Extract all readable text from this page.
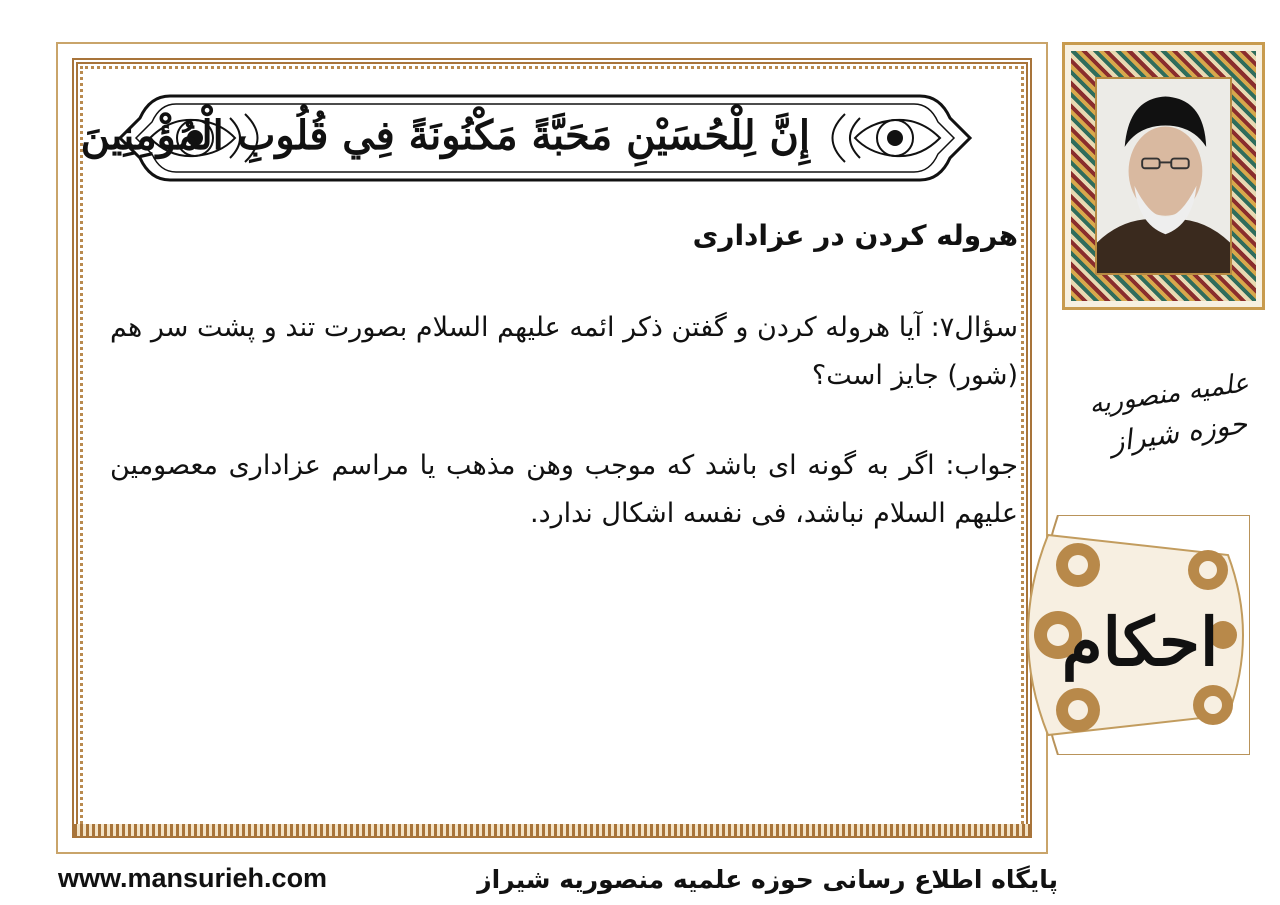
إِنَّ لِلْحُسَيْنِ مَحَبَّةً مَكْنُونَةً فِي قُلُوبِ الْمُؤْمِنِينَ
هروله کردن در عزاداری

سؤال۷: آیا هروله کردن و گفتن ذکر ائمه علیهم السلام بصورت تند و پشت سر هم (شور) جایز است؟

جواب: اگر به گونه ای باشد که موجب وهن مذهب یا مراسم عزاداری معصومین علیهم السلام نباشد، فی نفسه اشکال ندارد.

علمیه منصوریه
حوزه شیراز
احکام
www.mansurieh.com	پایگاه اطلاع رسانی حوزه علمیه منصوریه شیراز
